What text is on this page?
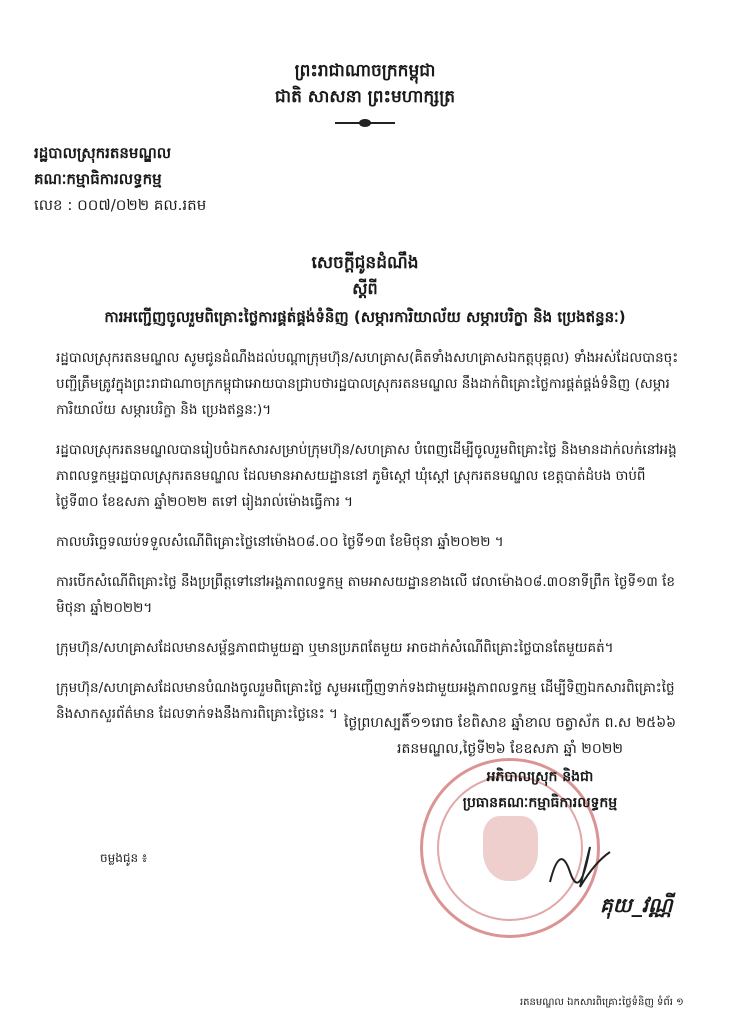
ព្រះរាជាណាចក្រកម្ពុជា
ជាតិ សាសនា ព្រះមហាក្សត្រ
រដ្ឋបាលស្រុករតនមណ្ឌល
គណៈកម្មាធិការលទ្ធកម្ម
លេខ : ០០៧/០២២ គល.រតម
សេចក្តីជូនដំណឹង
ស្តីពី
ការអញ្ជើញចូលរួមពិគ្រោះថ្លៃការផ្គត់ផ្គង់ទំនិញ (សម្ភារការិយាល័យ សម្ភារបរិក្ខា និង ប្រេងឥន្ធនៈ)

រដ្ឋបាលស្រុករតនមណ្ឌល សូមជូនដំណឹងដល់បណ្តាក្រុមហ៊ុន/សហគ្រាស(គិតទាំងសហគ្រាសឯកត្តបុគ្គល) ទាំងអស់ដែលបានចុះបញ្ជីត្រឹមត្រូវក្នុងព្រះរាជាណាចក្រកម្ពុជាអោយបានជ្រាបថារដ្ឋបាលស្រុករតនមណ្ឌល នឹងដាក់ពិគ្រោះថ្លៃការផ្គត់ផ្គង់ទំនិញ (សម្ភារការិយាល័យ សម្ភារបរិក្ខា និង ប្រេងឥន្ធនៈ)។

រដ្ឋបាលស្រុករតនមណ្ឌលបានរៀបចំឯកសារសម្រាប់ក្រុមហ៊ុន/សហគ្រាស បំពេញដើម្បីចូលរួមពិគ្រោះថ្លៃ និងមានដាក់លក់នៅអង្គភាពលទ្ធកម្មរដ្ឋបាលស្រុករតនមណ្ឌល ដែលមានអាសយដ្ឋាននៅ ភូមិស្តៅ ឃុំស្តៅ ស្រុករតនមណ្ឌល ខេត្តបាត់ដំបង ចាប់ពីថ្ងៃទី៣០ ខែឧសភា ឆ្នាំ២០២២ តទៅ រៀងរាល់ម៉ោងធ្វើការ ។

កាលបរិច្ឆេទឈប់ទទួលសំណើពិគ្រោះថ្លៃនៅម៉ោង០៨.០០ ថ្ងៃទី១៣ ខែមិថុនា ឆ្នាំ២០២២ ។

ការបើកសំណើពិគ្រោះថ្លៃ នឹងប្រព្រឹត្តទៅនៅអង្គភាពលទ្ធកម្ម តាមអាសយដ្ឋានខាងលើ វេលាម៉ោង០៨.៣០នាទីព្រឹក ថ្ងៃទី១៣ ខែមិថុនា ឆ្នាំ២០២២។

ក្រុមហ៊ុន/សហគ្រាសដែលមានសម្ព័ន្ធភាពជាមួយគ្នា ឬមានប្រភពតែមួយ អាចដាក់សំណើពិគ្រោះថ្លៃបានតែមួយគត់។

ក្រុមហ៊ុន/សហគ្រាសដែលមានបំណងចូលរួមពិគ្រោះថ្លៃ សូមអញ្ជើញទាក់ទងជាមួយអង្គភាពលទ្ធកម្ម ដើម្បីទិញឯកសារពិគ្រោះថ្លៃ និងសាកសួរព័ត៌មាន ដែលទាក់ទងនឹងការពិគ្រោះថ្លៃនេះ ។

ថ្ងៃព្រហស្បតិ៍១១រោច ខែពិសាខ ឆ្នាំខាល ចត្វាស័ក ព.ស ២៥៦៦
រតនមណ្ឌល,ថ្ងៃទី២៦ ខែឧសភា ឆ្នាំ ២០២២
អភិបាលស្រុក និងជា
ប្រធានគណៈកម្មាធិការលទ្ធកម្ម
គុយ_វណ្ណី
ចម្លងជូន ៖
រតនមណ្ឌល ឯកសារពិគ្រោះថ្លៃទំនិញ ទំព័រ ១
